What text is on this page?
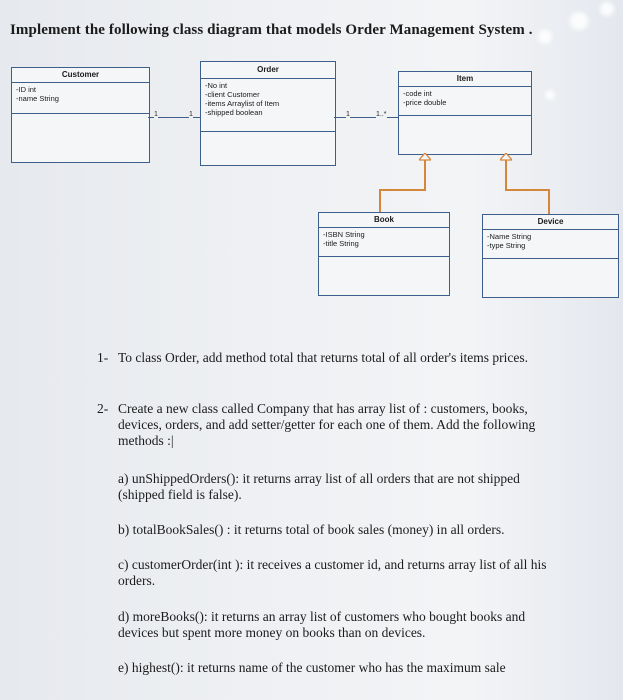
Implement the following class diagram that models Order Management System .
Customer
-ID int
-name String
Order
-No int
-client Customer
-items Arraylist of Item
-shipped boolean
Item
-code int
-price double
Book
-ISBN String
-title String
Device
-Name String
-type String
1	1	1	1..*
1- To class Order, add method total that returns total of all order's items prices.
2- Create a new class called Company that has array list of : customers, books, devices, orders, and add setter/getter for each one of them. Add the following methods :|
a) unShippedOrders(): it returns array list of all orders that are not shipped (shipped field is false).
b) totalBookSales() : it returns total of book sales (money) in all orders.
c) customerOrder(int ): it receives a customer id, and returns array list of all his orders.
d) moreBooks(): it returns an array list of customers who bought books and devices but spent more money on books than on devices.
e) highest(): it returns name of the customer who has the maximum sale
